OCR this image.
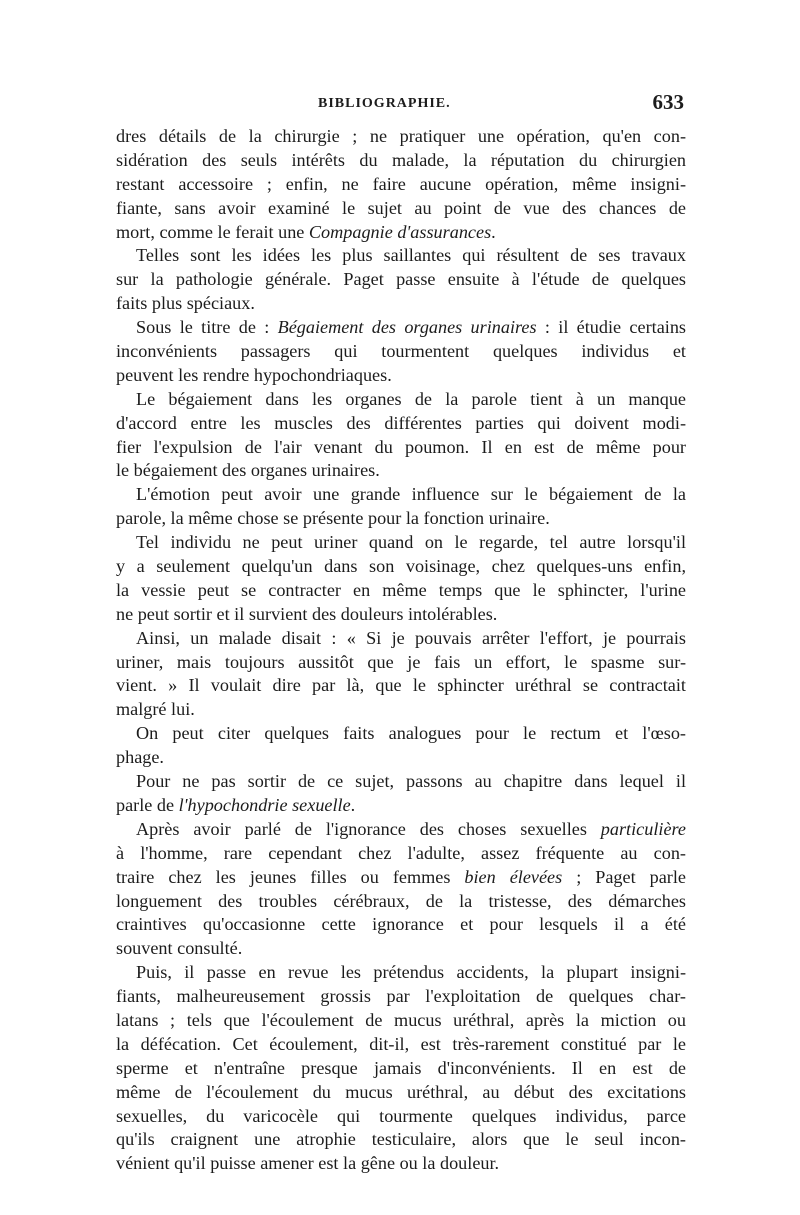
BIBLIOGRAPHIE.	633
dres détails de la chirurgie ; ne pratiquer une opération, qu'en con-
sidération des seuls intérêts du malade, la réputation du chirurgien
restant accessoire ; enfin, ne faire aucune opération, même insigni-
fiante, sans avoir examiné le sujet au point de vue des chances de
mort, comme le ferait une Compagnie d'assurances.
Telles sont les idées les plus saillantes qui résultent de ses travaux
sur la pathologie générale. Paget passe ensuite à l'étude de quelques
faits plus spéciaux.
Sous le titre de : Bégaiement des organes urinaires : il étudie certains
inconvénients passagers qui tourmentent quelques individus et
peuvent les rendre hypochondriaques.
Le bégaiement dans les organes de la parole tient à un manque
d'accord entre les muscles des différentes parties qui doivent modi-
fier l'expulsion de l'air venant du poumon. Il en est de même pour
le bégaiement des organes urinaires.
L'émotion peut avoir une grande influence sur le bégaiement de la
parole, la même chose se présente pour la fonction urinaire.
Tel individu ne peut uriner quand on le regarde, tel autre lorsqu'il
y a seulement quelqu'un dans son voisinage, chez quelques-uns enfin,
la vessie peut se contracter en même temps que le sphincter, l'urine
ne peut sortir et il survient des douleurs intolérables.
Ainsi, un malade disait : « Si je pouvais arrêter l'effort, je pourrais
uriner, mais toujours aussitôt que je fais un effort, le spasme sur-
vient. » Il voulait dire par là, que le sphincter uréthral se contractait
malgré lui.
On peut citer quelques faits analogues pour le rectum et l'œso-
phage.
Pour ne pas sortir de ce sujet, passons au chapitre dans lequel il
parle de l'hypochondrie sexuelle.
Après avoir parlé de l'ignorance des choses sexuelles particulière
à l'homme, rare cependant chez l'adulte, assez fréquente au con-
traire chez les jeunes filles ou femmes bien élevées ; Paget parle
longuement des troubles cérébraux, de la tristesse, des démarches
craintives qu'occasionne cette ignorance et pour lesquels il a été
souvent consulté.
Puis, il passe en revue les prétendus accidents, la plupart insigni-
fiants, malheureusement grossis par l'exploitation de quelques char-
latans ; tels que l'écoulement de mucus uréthral, après la miction ou
la défécation. Cet écoulement, dit-il, est très-rarement constitué par le
sperme et n'entraîne presque jamais d'inconvénients. Il en est de
même de l'écoulement du mucus uréthral, au début des excitations
sexuelles, du varicocèle qui tourmente quelques individus, parce
qu'ils craignent une atrophie testiculaire, alors que le seul incon-
vénient qu'il puisse amener est la gêne ou la douleur.
